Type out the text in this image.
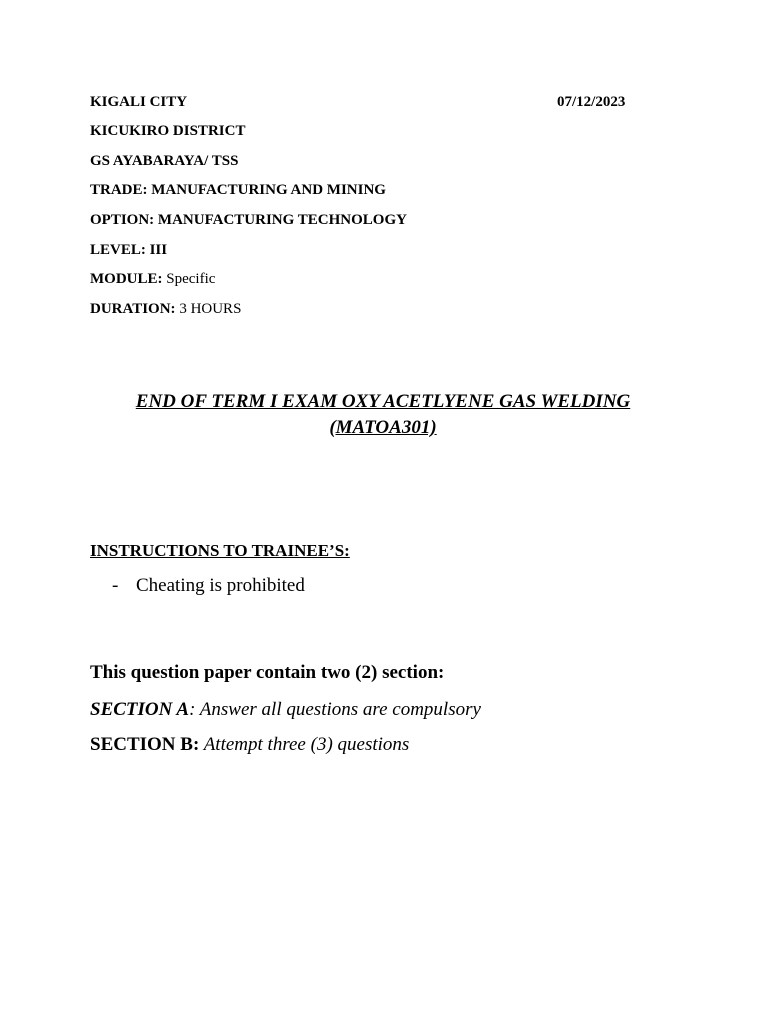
KIGALI CITY	07/12/2023
KICUKIRO DISTRICT
GS AYABARAYA/ TSS
TRADE: MANUFACTURING AND MINING
OPTION: MANUFACTURING TECHNOLOGY
LEVEL: III
MODULE: Specific
DURATION: 3 HOURS
END OF TERM I EXAM OXY ACETLYENE GAS WELDING
(MATOA301)
INSTRUCTIONS TO TRAINEE’S:
- Cheating is prohibited
This question paper contain two (2) section:
SECTION A: Answer all questions are compulsory
SECTION B: Attempt three (3) questions
